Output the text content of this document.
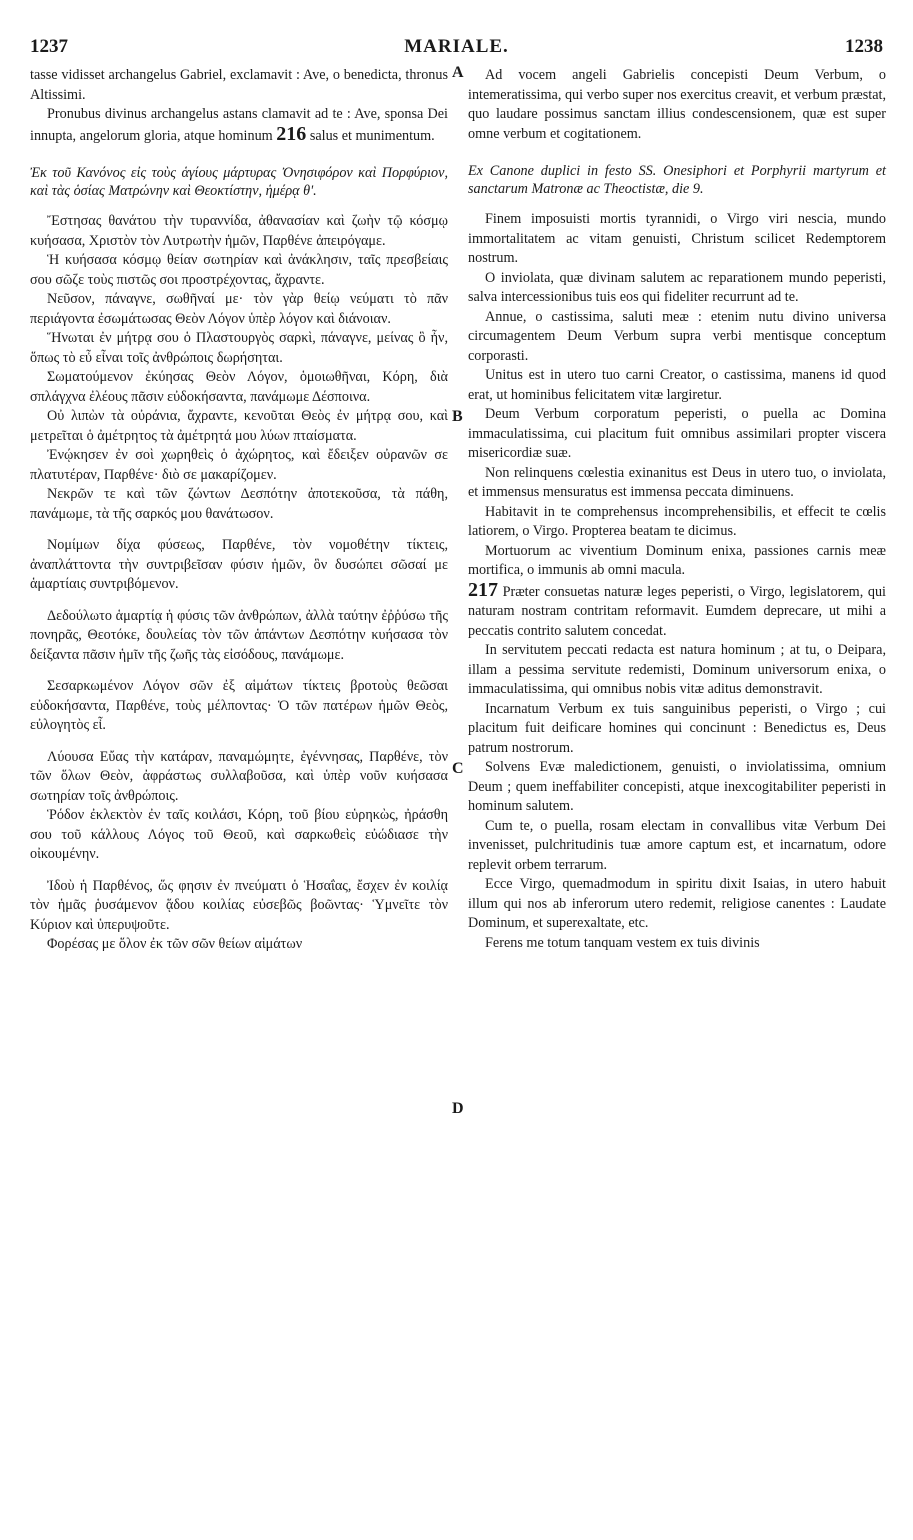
1237	MARIALE.	1238
A
B
C
D

tasse vidisset archangelus Gabriel, exclamavit : Ave, o benedicta, thronus Altissimi.

Pronubus divinus archangelus astans clamavit ad te : Ave, sponsa Dei innupta, angelorum gloria, atque hominum 216 salus et munimentum.

Ἐκ τοῦ Κανόνος εἰς τοὺς ἁγίους μάρτυρας Ὀνησιφόρον καὶ Πορφύριον, καὶ τὰς ὁσίας Ματρώνην καὶ Θεοκτίστην, ἡμέρᾳ θ'.

Ἔστησας θανάτου τὴν τυραννίδα, ἀθανασίαν καὶ ζωὴν τῷ κόσμῳ κυήσασα, Χριστὸν τὸν Λυτρωτὴν ἡμῶν, Παρθένε ἀπειρόγαμε.

Ἡ κυήσασα κόσμῳ θείαν σωτηρίαν καὶ ἀνάκλησιν, ταῖς πρεσβείαις σου σῶζε τοὺς πιστῶς σοι προστρέχοντας, ἄχραντε.

Νεῦσον, πάναγνε, σωθῆναί με· τὸν γὰρ θείῳ νεύματι τὸ πᾶν περιάγοντα ἐσωμάτωσας Θεὸν Λόγον ὑπὲρ λόγον καὶ διάνοιαν.

Ἥνωται ἐν μήτρᾳ σου ὁ Πλαστουργὸς σαρκὶ, πάναγνε, μείνας ὃ ἦν, ὅπως τὸ εὖ εἶναι τοῖς ἀνθρώποις δωρήσηται.

Σωματούμενον ἐκύησας Θεὸν Λόγον, ὁμοιωθῆναι, Κόρη, διὰ σπλάγχνα ἐλέους πᾶσιν εὐδοκήσαντα, πανάμωμε Δέσποινα.

Οὐ λιπὼν τὰ οὐράνια, ἄχραντε, κενοῦται Θεὸς ἐν μήτρᾳ σου, καὶ μετρεῖται ὁ ἀμέτρητος τὰ ἀμέτρητά μου λύων πταίσματα.

Ἐνῴκησεν ἐν σοὶ χωρηθεὶς ὁ ἀχώρητος, καὶ ἔδειξεν οὐρανῶν σε πλατυτέραν, Παρθένε· διὸ σε μακαρίζομεν.

Νεκρῶν τε καὶ τῶν ζώντων Δεσπότην ἀποτεκοῦσα, τὰ πάθη, πανάμωμε, τὰ τῆς σαρκός μου θανάτωσον.

Νομίμων δίχα φύσεως, Παρθένε, τὸν νομοθέτην τίκτεις, ἀναπλάττοντα τὴν συντριβεῖσαν φύσιν ἡμῶν, ὃν δυσώπει σῶσαί με ἁμαρτίαις συντριβόμενον.

Δεδούλωτο ἁμαρτίᾳ ἡ φύσις τῶν ἀνθρώπων, ἀλλὰ ταύτην ἐῤῥύσω τῆς πονηρᾶς, Θεοτόκε, δουλείας τὸν τῶν ἁπάντων Δεσπότην κυήσασα τὸν δείξαντα πᾶσιν ἡμῖν τῆς ζωῆς τὰς εἰσόδους, πανάμωμε.

Σεσαρκωμένον Λόγον σῶν ἐξ αἱμάτων τίκτεις βροτοὺς θεῶσαι εὐδοκήσαντα, Παρθένε, τοὺς μέλποντας· Ὁ τῶν πατέρων ἡμῶν Θεὸς, εὐλογητὸς εἶ.

Λύουσα Εὔας τὴν κατάραν, παναμώμητε, ἐγέννησας, Παρθένε, τὸν τῶν ὅλων Θεὸν, ἀφράστως συλλαβοῦσα, καὶ ὑπὲρ νοῦν κυήσασα σωτηρίαν τοῖς ἀνθρώποις.

Ῥόδον ἐκλεκτὸν ἐν ταῖς κοιλάσι, Κόρη, τοῦ βίου εὑρηκὼς, ἠράσθη σου τοῦ κάλλους Λόγος τοῦ Θεοῦ, καὶ σαρκωθεὶς εὐώδιασε τὴν οἰκουμένην.

Ἰδοὺ ἡ Παρθένος, ὥς φησιν ἐν πνεύματι ὁ Ἡσαΐας, ἔσχεν ἐν κοιλίᾳ τὸν ἡμᾶς ῥυσάμενον ᾅδου κοιλίας εὐσεβῶς βοῶντας· Ὑμνεῖτε τὸν Κύριον καὶ ὑπερυψοῦτε.

Φορέσας με ὅλον ἐκ τῶν σῶν θείων αἱμάτων

Ad vocem angeli Gabrielis concepisti Deum Verbum, o intemeratissima, qui verbo super nos exercitus creavit, et verbum præstat, quo laudare possimus sanctam illius condescensionem, quæ est super omne verbum et cogitationem.

Ex Canone duplici in festo SS. Onesiphori et Porphyrii martyrum et sanctarum Matronæ ac Theoctistæ, die 9.

Finem imposuisti mortis tyrannidi, o Virgo viri nescia, mundo immortalitatem ac vitam genuisti, Christum scilicet Redemptorem nostrum.

O inviolata, quæ divinam salutem ac reparationem mundo peperisti, salva intercessionibus tuis eos qui fideliter recurrunt ad te.

Annue, o castissima, saluti meæ : etenim nutu divino universa circumagentem Deum Verbum supra verbi mentisque conceptum corporasti.

Unitus est in utero tuo carni Creator, o castissima, manens id quod erat, ut hominibus felicitatem vitæ largiretur.

Deum Verbum corporatum peperisti, o puella ac Domina immaculatissima, cui placitum fuit omnibus assimilari propter viscera misericordiæ suæ.

Non relinquens cœlestia exinanitus est Deus in utero tuo, o inviolata, et immensus mensuratus est immensa peccata diminuens.

Habitavit in te comprehensus incomprehensibilis, et effecit te cœlis latiorem, o Virgo. Propterea beatam te dicimus.

Mortuorum ac viventium Dominum enixa, passiones carnis meæ mortifica, o immunis ab omni macula.

217 Præter consuetas naturæ leges peperisti, o Virgo, legislatorem, qui naturam nostram contritam reformavit. Eumdem deprecare, ut mihi a peccatis contrito salutem concedat.

In servitutem peccati redacta est natura hominum ; at tu, o Deipara, illam a pessima servitute redemisti, Dominum universorum enixa, o immaculatissima, qui omnibus nobis vitæ aditus demonstravit.

Incarnatum Verbum ex tuis sanguinibus peperisti, o Virgo ; cui placitum fuit deificare homines qui concinunt : Benedictus es, Deus patrum nostrorum.

Solvens Evæ maledictionem, genuisti, o inviolatissima, omnium Deum ; quem ineffabiliter concepisti, atque inexcogitabiliter peperisti in hominum salutem.

Cum te, o puella, rosam electam in convallibus vitæ Verbum Dei invenisset, pulchritudinis tuæ amore captum est, et incarnatum, odore replevit orbem terrarum.

Ecce Virgo, quemadmodum in spiritu dixit Isaias, in utero habuit illum qui nos ab inferorum utero redemit, religiose canentes : Laudate Dominum, et superexaltate, etc.

Ferens me totum tanquam vestem ex tuis divinis
